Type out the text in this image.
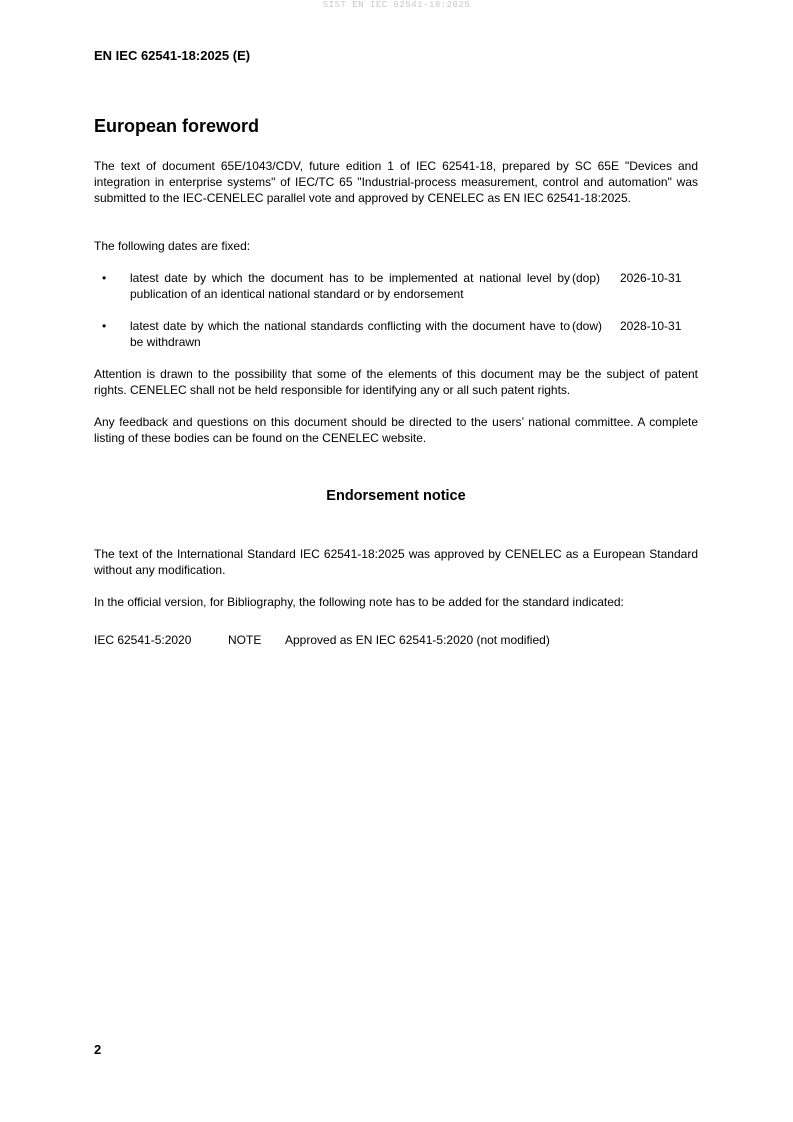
SIST EN IEC 62541-18:2025
EN IEC 62541-18:2025 (E)
European foreword
The text of document 65E/1043/CDV, future edition 1 of IEC 62541-18, prepared by SC 65E "Devices and integration in enterprise systems" of IEC/TC 65 "Industrial-process measurement, control and automation" was submitted to the IEC-CENELEC parallel vote and approved by CENELEC as EN IEC 62541-18:2025.
The following dates are fixed:
• latest date by which the document has to be implemented at national level by publication of an identical national standard or by endorsement
(dop) 2026-10-31
• latest date by which the national standards conflicting with the document have to be withdrawn
(dow) 2028-10-31
Attention is drawn to the possibility that some of the elements of this document may be the subject of patent rights. CENELEC shall not be held responsible for identifying any or all such patent rights.
Any feedback and questions on this document should be directed to the users’ national committee. A complete listing of these bodies can be found on the CENELEC website.
Endorsement notice
The text of the International Standard IEC 62541-18:2025 was approved by CENELEC as a European Standard without any modification.
In the official version, for Bibliography, the following note has to be added for the standard indicated:
IEC 62541-5:2020	NOTE Approved as EN IEC 62541-5:2020 (not modified)
2
